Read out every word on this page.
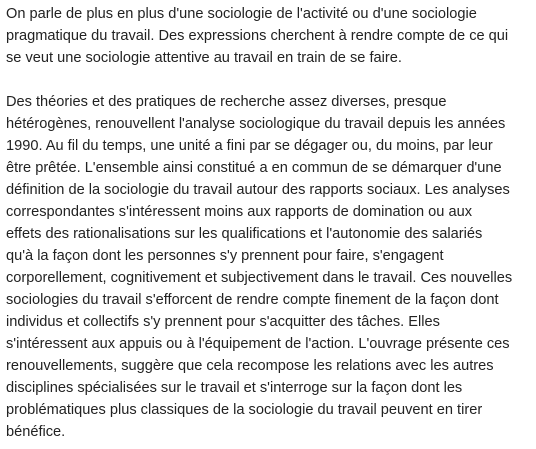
On parle de plus en plus d'une sociologie de l'activité ou d'une sociologie
pragmatique du travail. Des expressions cherchent à rendre compte de ce qui
se veut une sociologie attentive au travail en train de se faire.
Des théories et des pratiques de recherche assez diverses, presque
hétérogènes, renouvellent l'analyse sociologique du travail depuis les années
1990. Au fil du temps, une unité a fini par se dégager ou, du moins, par leur
être prêtée. L'ensemble ainsi constitué a en commun de se démarquer d'une
définition de la sociologie du travail autour des rapports sociaux. Les analyses
correspondantes s'intéressent moins aux rapports de domination ou aux
effets des rationalisations sur les qualifications et l'autonomie des salariés
qu'à la façon dont les personnes s'y prennent pour faire, s'engagent
corporellement, cognitivement et subjectivement dans le travail. Ces nouvelles
sociologies du travail s'efforcent de rendre compte finement de la façon dont
individus et collectifs s'y prennent pour s'acquitter des tâches. Elles
s'intéressent aux appuis ou à l'équipement de l'action. L'ouvrage présente ces
renouvellements, suggère que cela recompose les relations avec les autres
disciplines spécialisées sur le travail et s'interroge sur la façon dont les
problématiques plus classiques de la sociologie du travail peuvent en tirer
bénéfice.
